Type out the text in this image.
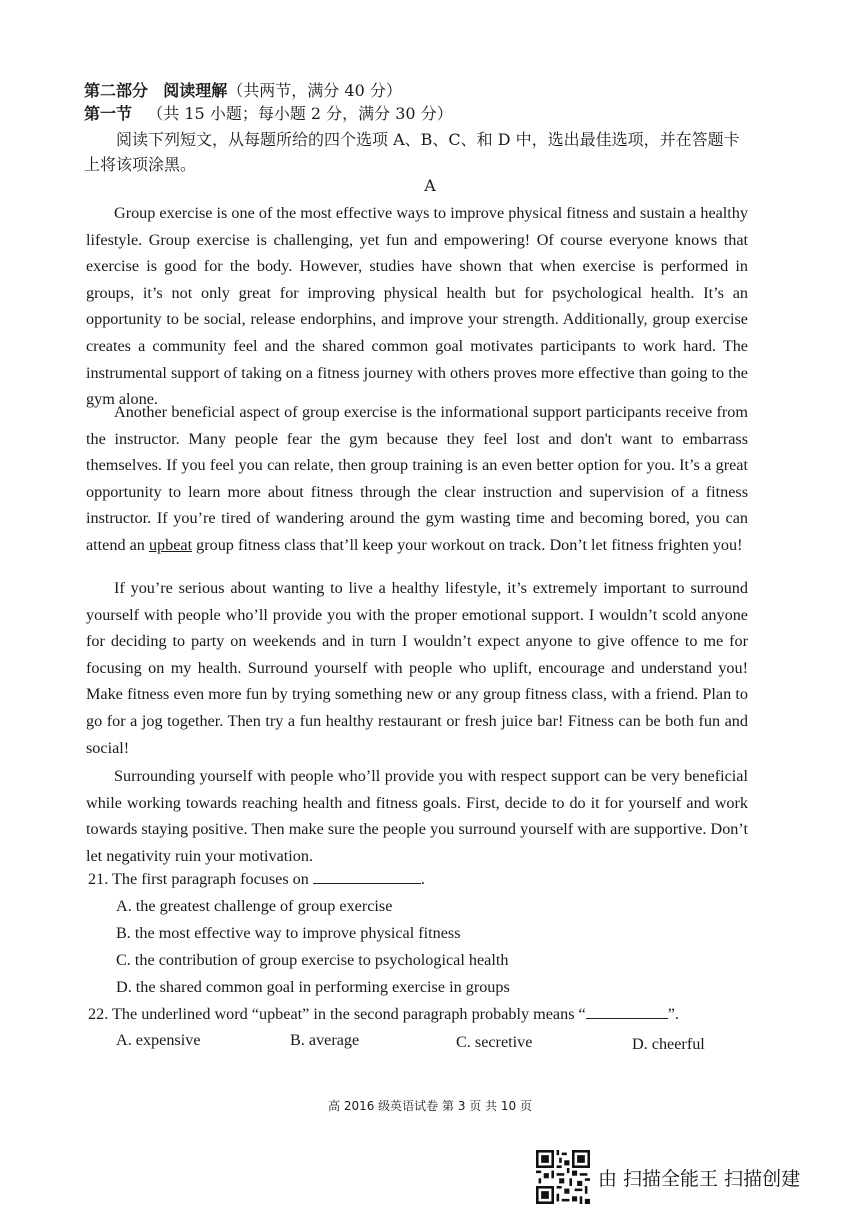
第二部分 阅读理解（共两节，满分 40 分）
第一节 （共 15 小题；每小题 2 分，满分 30 分）
阅读下列短文，从每题所给的四个选项 A、B、C、和 D 中，选出最佳选项，并在答题卡上将该项涂黑。
A

Group exercise is one of the most effective ways to improve physical fitness and sustain a healthy lifestyle. Group exercise is challenging, yet fun and empowering! Of course everyone knows that exercise is good for the body. However, studies have shown that when exercise is performed in groups, it’s not only great for improving physical health but for psychological health. It’s an opportunity to be social, release endorphins, and improve your strength. Additionally, group exercise creates a community feel and the shared common goal motivates participants to work hard. The instrumental support of taking on a fitness journey with others proves more effective than going to the gym alone.

Another beneficial aspect of group exercise is the informational support participants receive from the instructor. Many people fear the gym because they feel lost and don't want to embarrass themselves. If you feel you can relate, then group training is an even better option for you. It’s a great opportunity to learn more about fitness through the clear instruction and supervision of a fitness instructor. If you’re tired of wandering around the gym wasting time and becoming bored, you can attend an upbeat group fitness class that’ll keep your workout on track. Don’t let fitness frighten you!

If you’re serious about wanting to live a healthy lifestyle, it’s extremely important to surround yourself with people who’ll provide you with the proper emotional support. I wouldn’t scold anyone for deciding to party on weekends and in turn I wouldn’t expect anyone to give offence to me for focusing on my health. Surround yourself with people who uplift, encourage and understand you! Make fitness even more fun by trying something new or any group fitness class, with a friend. Plan to go for a jog together. Then try a fun healthy restaurant or fresh juice bar! Fitness can be both fun and social!

Surrounding yourself with people who’ll provide you with respect support can be very beneficial while working towards reaching health and fitness goals. First, decide to do it for yourself and work towards staying positive. Then make sure the people you surround yourself with are supportive. Don’t let negativity ruin your motivation.

21. The first paragraph focuses on	.
A. the greatest challenge of group exercise
B. the most effective way to improve physical fitness
C. the contribution of group exercise to psychological health
D. the shared common goal in performing exercise in groups
22. The underlined word “upbeat” in the second paragraph probably means “	”.
A. expensive	B. average	C. secretive	D. cheerful
高 2016 级英语试卷 第 3 页 共 10 页
由 扫描全能王 扫描创建
